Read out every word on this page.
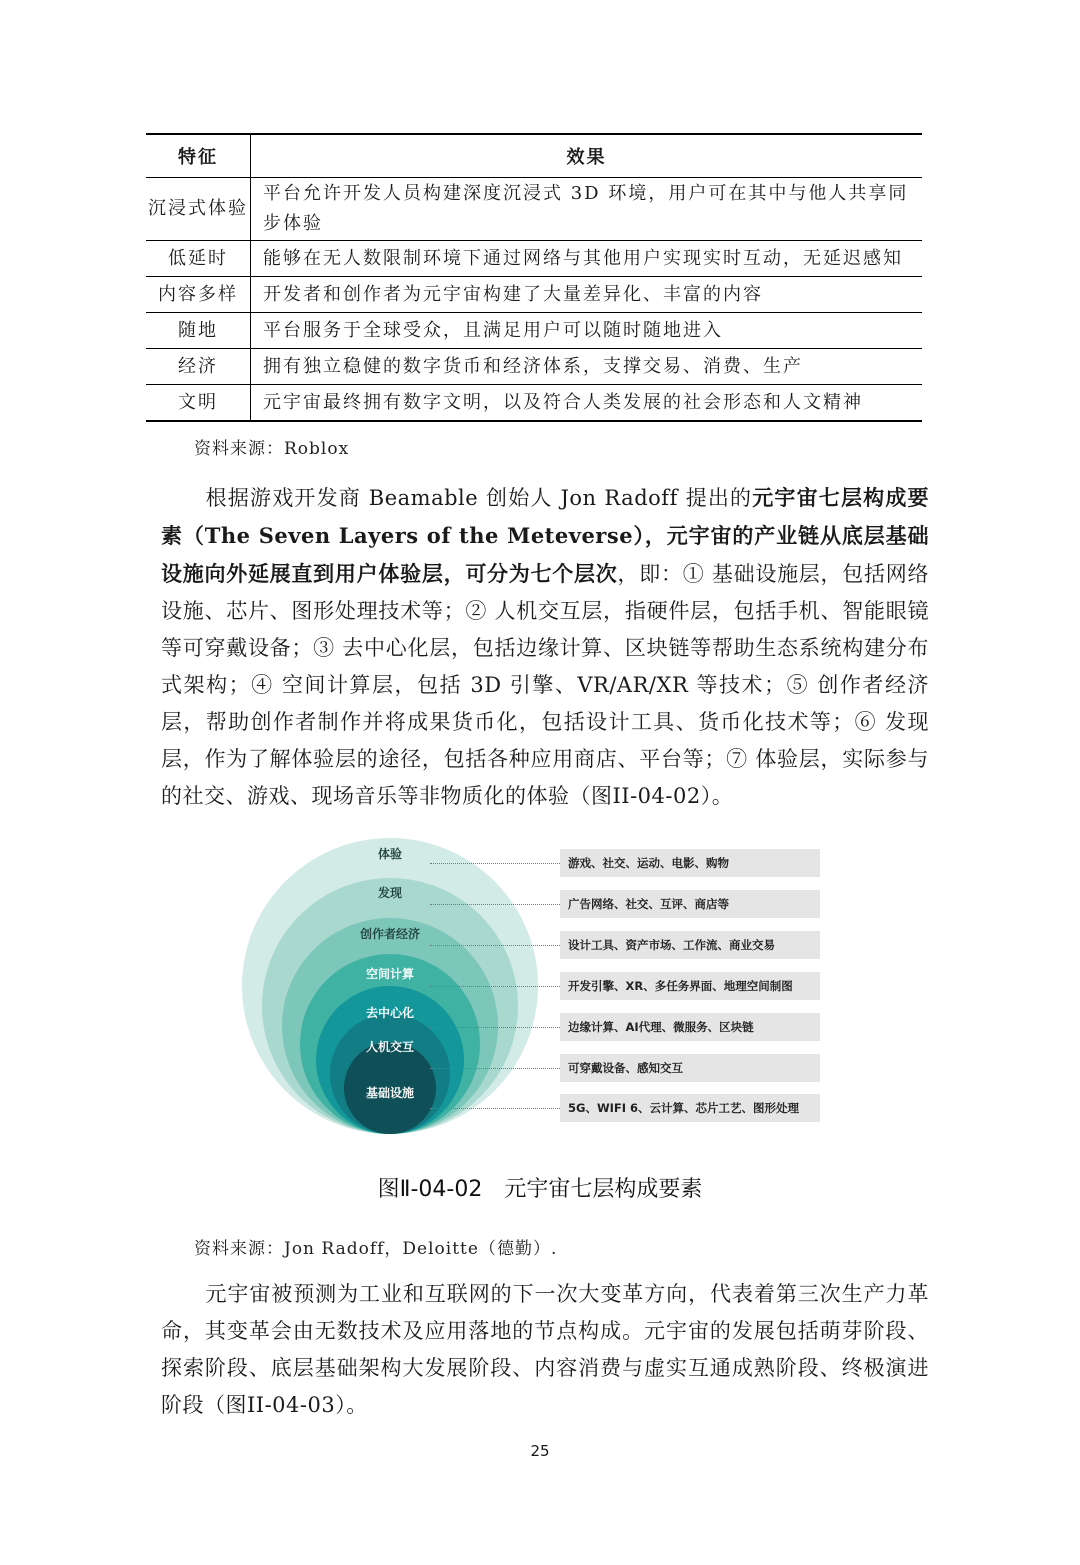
特征	效果
沉浸式体验	平台允许开发人员构建深度沉浸式 3D 环境，用户可在其中与他人共享同步体验
低延时	能够在无人数限制环境下通过网络与其他用户实现实时互动，无延迟感知
内容多样	开发者和创作者为元宇宙构建了大量差异化、丰富的内容
随地	平台服务于全球受众，且满足用户可以随时随地进入
经济	拥有独立稳健的数字货币和经济体系，支撑交易、消费、生产
文明	元宇宙最终拥有数字文明，以及符合人类发展的社会形态和人文精神
资料来源：Roblox

根据游戏开发商 Beamable 创始人 Jon Radoff 提出的元宇宙七层构成要素（The Seven Layers of the Meteverse），元宇宙的产业链从底层基础设施向外延展直到用户体验层，可分为七个层次，即：① 基础设施层，包括网络设施、芯片、图形处理技术等；② 人机交互层，指硬件层，包括手机、智能眼镜等可穿戴设备；③ 去中心化层，包括边缘计算、区块链等帮助生态系统构建分布式架构；④ 空间计算层，包括 3D 引擎、VR/AR/XR 等技术；⑤ 创作者经济层，帮助创作者制作并将成果货币化，包括设计工具、货币化技术等；⑥ 发现层，作为了解体验层的途径，包括各种应用商店、平台等；⑦ 体验层，实际参与的社交、游戏、现场音乐等非物质化的体验（图II-04-02）。

体验
游戏、社交、运动、电影、购物
发现
广告网络、社交、互评、商店等
创作者经济
设计工具、资产市场、工作流、商业交易
空间计算
开发引擎、XR、多任务界面、地理空间制图
去中心化
边缘计算、AI代理、微服务、区块链
人机交互
可穿戴设备、感知交互
基础设施
5G、WIFI 6、云计算、芯片工艺、图形处理
图Ⅱ-04-02　元宇宙七层构成要素
资料来源：Jon Radoff，Deloitte（德勤）.

元宇宙被预测为工业和互联网的下一次大变革方向，代表着第三次生产力革命，其变革会由无数技术及应用落地的节点构成。元宇宙的发展包括萌芽阶段、探索阶段、底层基础架构大发展阶段、内容消费与虚实互通成熟阶段、终极演进阶段（图II-04-03）。

25
